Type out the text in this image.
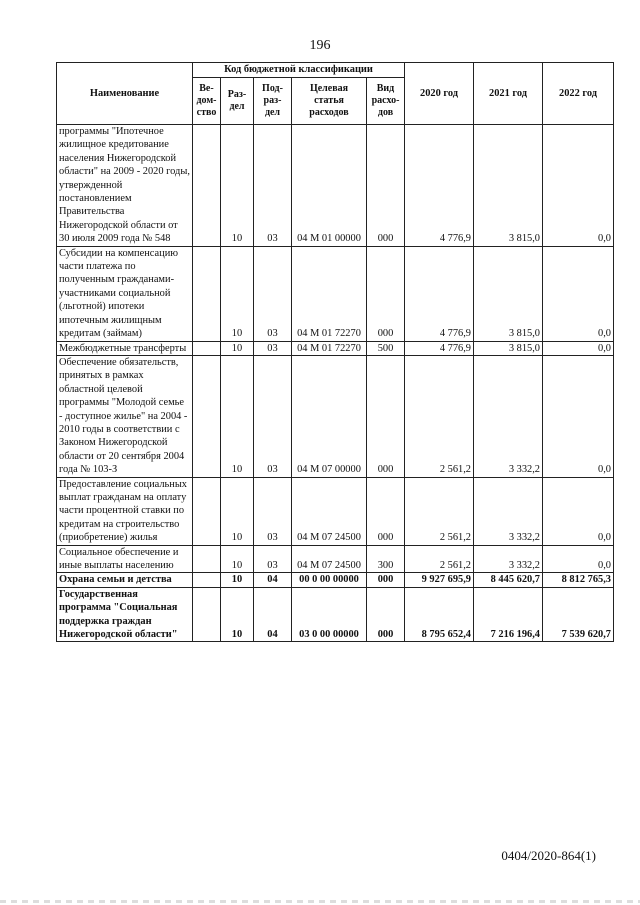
196
Наименование	Код бюджетной классификации					2020 год	2021 год	2022 год
	Ве-дом-ство	Раз-дел	Под-раз-дел	Целевая статья расходов	Вид расхо-дов			
программы "Ипотечное жилищное кредитование населения Нижегородской области" на 2009 - 2020 годы, утвержденной постановлением Правительства Нижегородской области от 30 июля 2009 года № 548		10	03	04 М 01 00000	000	4 776,9	3 815,0	0,0
Субсидии на компенсацию части платежа по полученным гражданами-участниками социальной (льготной) ипотеки ипотечным жилищным кредитам (займам)		10	03	04 М 01 72270	000	4 776,9	3 815,0	0,0
Межбюджетные трансферты		10	03	04 М 01 72270	500	4 776,9	3 815,0	0,0
Обеспечение обязательств, принятых в рамках областной целевой программы "Молодой семье - доступное жилье" на 2004 - 2010 годы в соответствии с Законом Нижегородской области от 20 сентября 2004 года № 103-З		10	03	04 М 07 00000	000	2 561,2	3 332,2	0,0
Предоставление социальных выплат гражданам на оплату части процентной ставки по кредитам на строительство (приобретение) жилья		10	03	04 М 07 24500	000	2 561,2	3 332,2	0,0
Социальное обеспечение и иные выплаты населению		10	03	04 М 07 24500	300	2 561,2	3 332,2	0,0
Охрана семьи и детства		10	04	00 0 00 00000	000	9 927 695,9	8 445 620,7	8 812 765,3
Государственная программа "Социальная поддержка граждан Нижегородской области"		10	04	03 0 00 00000	000	8 795 652,4	7 216 196,4	7 539 620,7
0404/2020-864(1)
